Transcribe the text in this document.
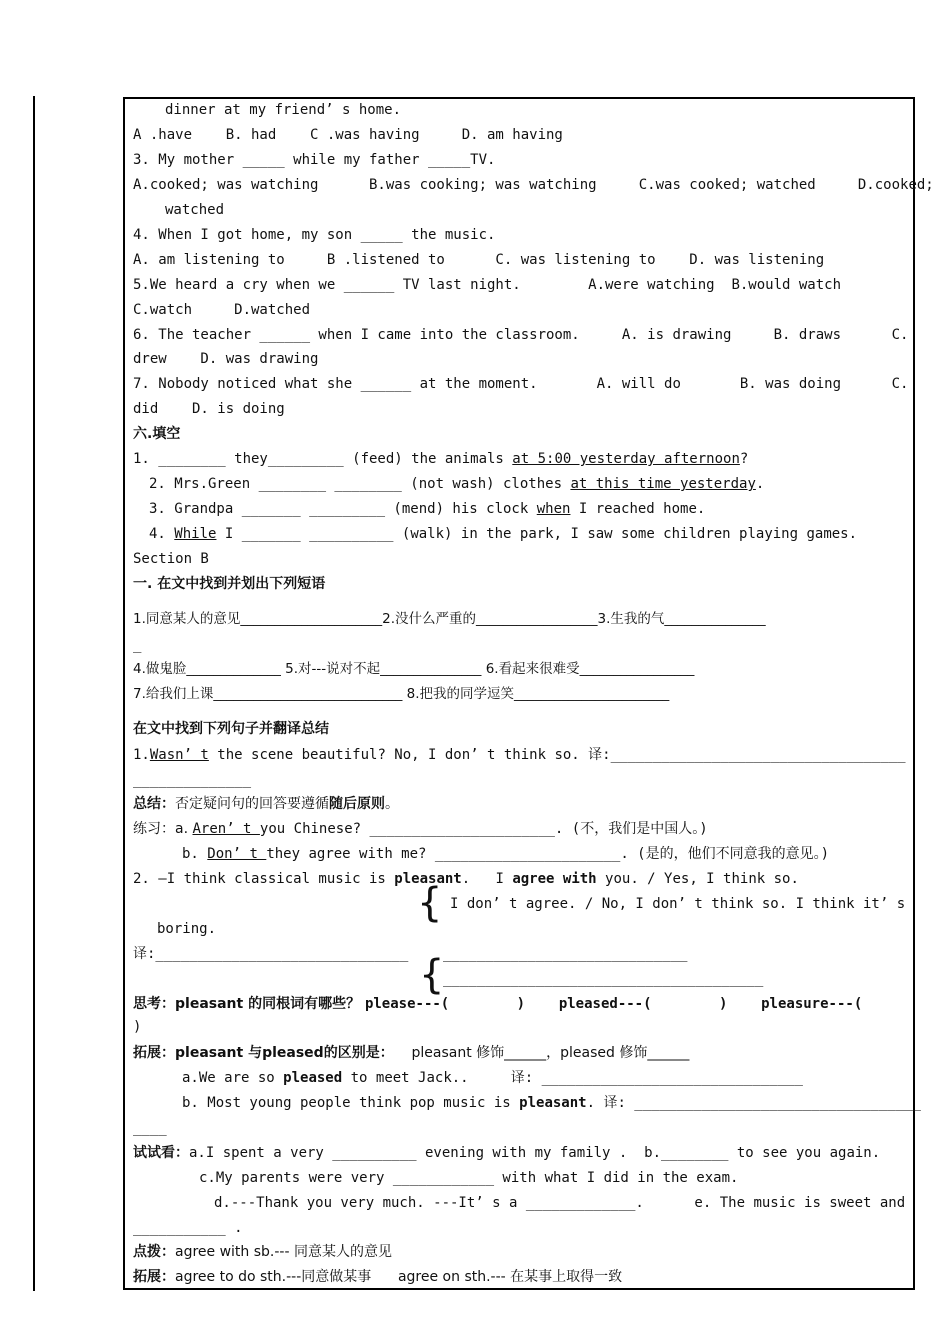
dinner at my friend’ s home.
A .have    B. had    C .was having     D. am having
3. My mother _____ while my father _____TV.
A.cooked; was watching      B.was cooking; was watching     C.was cooked; watched     D.cooked;
watched
4. When I got home, my son _____ the music.
A. am listening to     B .listened to      C. was listening to    D. was listening
5.We heard a cry when we ______ TV last night.        A.were watching  B.would watch
C.watch     D.watched
6. The teacher ______ when I came into the classroom.     A. is drawing     B. draws      C.
drew    D. was drawing
7. Nobody noticed what she ______ at the moment.       A. will do       B. was doing      C.
did    D. is doing
六.填空
1. ________ they_________ (feed) the animals at 5:00 yesterday afternoon?
2. Mrs.Green ________ ________ (not wash) clothes at this time yesterday.
3. Grandpa _______ _________ (mend) his clock when I reached home.
4. While I _______ __________ (walk) in the park, I saw some children playing games.
Section B
一. 在文中找到并划出下列短语
1.同意某人的意见_____________________2.没什么严重的__________________3.生我的气_______________
_
4.做鬼脸______________ 5.对---说对不起_______________ 6.看起来很难受_________________
7.给我们上课____________________________ 8.把我的同学逗笑_______________________
在文中找到下列句子并翻译总结
1.Wasn’ t the scene beautiful? No, I don’ t think so. 译:___________________________________
______________
总结：否定疑问句的回答要遵循随后原则。
练习：a. Aren’ t you Chinese? ______________________. (不，我们是中国人。)
b. Don’ t they agree with me? ______________________. (是的，他们不同意我的意见。)
2. —I think classical music is pleasant.   I agree with you. / Yes, I think so.
{ I don’ t agree. / No, I don’ t think so. I think it’ s
boring.
译:______________________________ _____________________________
{
______________________________________
思考：pleasant 的同根词有哪些？ please---(        )    pleased---(        )    pleasure---(
)
拓展：pleasant 与pleased的区别是：    pleasant 修饰______，pleased 修饰______
a.We are so pleased to meet Jack..     译: _______________________________
b. Most young people think pop music is pleasant. 译: __________________________________
____
试试看：a.I spent a very __________ evening with my family .  b.________ to see you again.
c.My parents were very ____________ with what I did in the exam.
d.---Thank you very much. ---It’ s a _____________.      e. The music is sweet and
___________ .
点拨：agree with sb.--- 同意某人的意见
拓展：agree to do sth.---同意做某事      agree on sth.--- 在某事上取得一致
